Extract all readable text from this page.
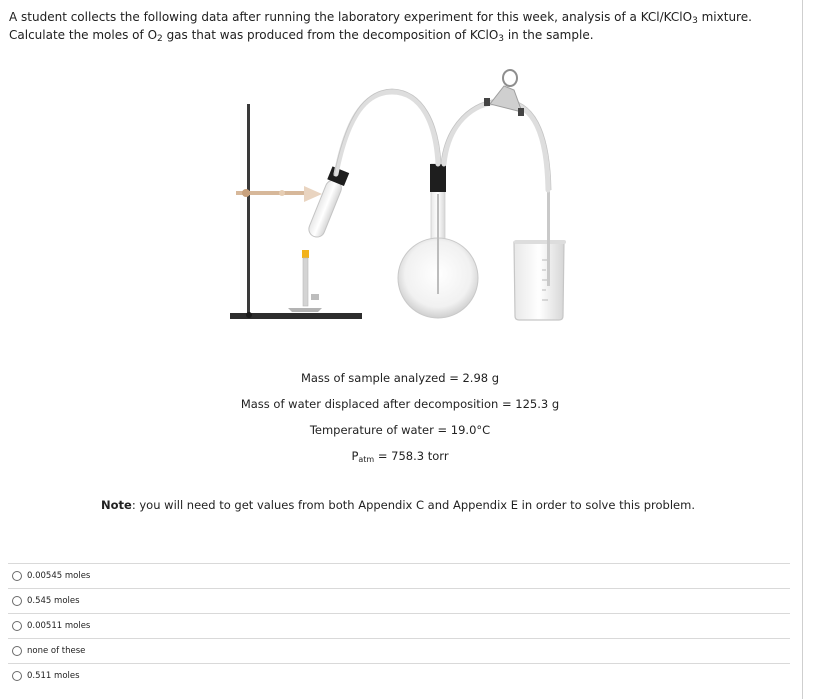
A student collects the following data after running the laboratory experiment for this week, analysis of a KCl/KClO$_3$ mixture. Calculate the moles of $O_2$ gas that was produced from the decomposition of KClO$_3$ in the sample.
Mass of sample analyzed = 2.98 g
Mass of water displaced after decomposition = 125.3 g
Temperature of water = 19.0°C
$P_{atm} = 758.3$ torr
Note: you will need to get values from both Appendix C and Appendix E in order to solve this problem.
0.00545 moles
0.545 moles
0.00511 moles
none of these
0.511 moles
